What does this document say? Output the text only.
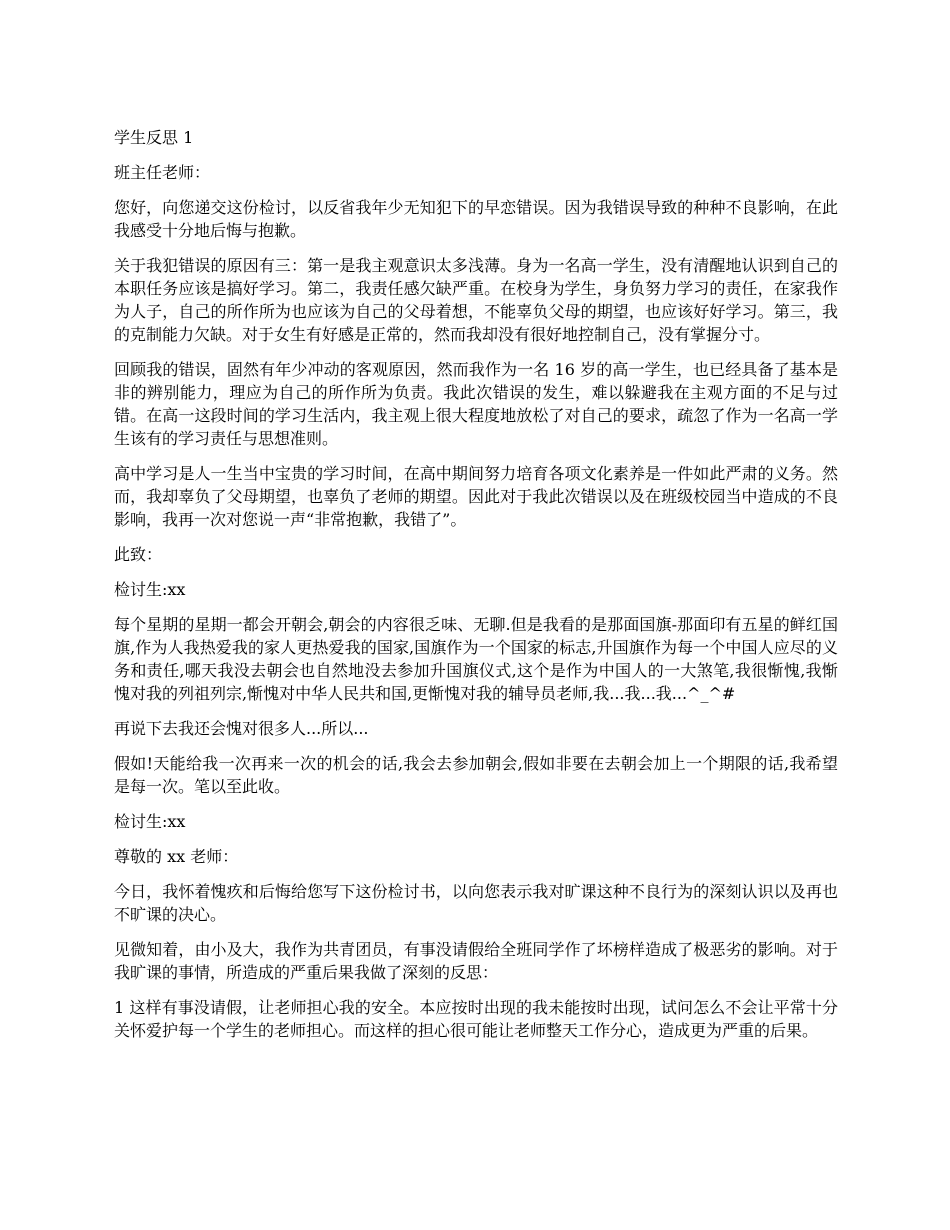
学生反思 1

班主任老师：

您好，向您递交这份检讨，以反省我年少无知犯下的早恋错误。因为我错误导致的种种不良影响，在此我感受十分地后悔与抱歉。

关于我犯错误的原因有三：第一是我主观意识太多浅薄。身为一名高一学生，没有清醒地认识到自己的本职任务应该是搞好学习。第二，我责任感欠缺严重。在校身为学生，身负努力学习的责任，在家我作为人子，自己的所作所为也应该为自己的父母着想，不能辜负父母的期望，也应该好好学习。第三，我的克制能力欠缺。对于女生有好感是正常的，然而我却没有很好地控制自己，没有掌握分寸。

回顾我的错误，固然有年少冲动的客观原因，然而我作为一名 16 岁的高一学生，也已经具备了基本是非的辨别能力，理应为自己的所作所为负责。我此次错误的发生，难以躲避我在主观方面的不足与过错。在高一这段时间的学习生活内，我主观上很大程度地放松了对自己的要求，疏忽了作为一名高一学生该有的学习责任与思想准则。

高中学习是人一生当中宝贵的学习时间，在高中期间努力培育各项文化素养是一件如此严肃的义务。然而，我却辜负了父母期望，也辜负了老师的期望。因此对于我此次错误以及在班级校园当中造成的不良影响，我再一次对您说一声“非常抱歉，我错了”。

此致：

检讨生:xx

每个星期的星期一都会开朝会,朝会的内容很乏味、无聊.但是我看的是那面国旗-那面印有五星的鲜红国旗,作为人我热爱我的家人更热爱我的国家,国旗作为一个国家的标志,升国旗作为每一个中国人应尽的义务和责任,哪天我没去朝会也自然地没去参加升国旗仪式,这个是作为中国人的一大煞笔,我很惭愧,我惭愧对我的列祖列宗,惭愧对中华人民共和国,更惭愧对我的辅导员老师,我...我...我...^_^#

再说下去我还会愧对很多人...所以...

假如!天能给我一次再来一次的机会的话,我会去参加朝会,假如非要在去朝会加上一个期限的话,我希望是每一次。笔以至此收。

检讨生:xx

尊敬的 xx 老师：

今日，我怀着愧疚和后悔给您写下这份检讨书，以向您表示我对旷课这种不良行为的深刻认识以及再也不旷课的决心。

见微知着，由小及大，我作为共青团员，有事没请假给全班同学作了坏榜样造成了极恶劣的影响。对于我旷课的事情，所造成的严重后果我做了深刻的反思：

1 这样有事没请假，让老师担心我的安全。本应按时出现的我未能按时出现，试问怎么不会让平常十分关怀爱护每一个学生的老师担心。而这样的担心很可能让老师整天工作分心，造成更为严重的后果。
